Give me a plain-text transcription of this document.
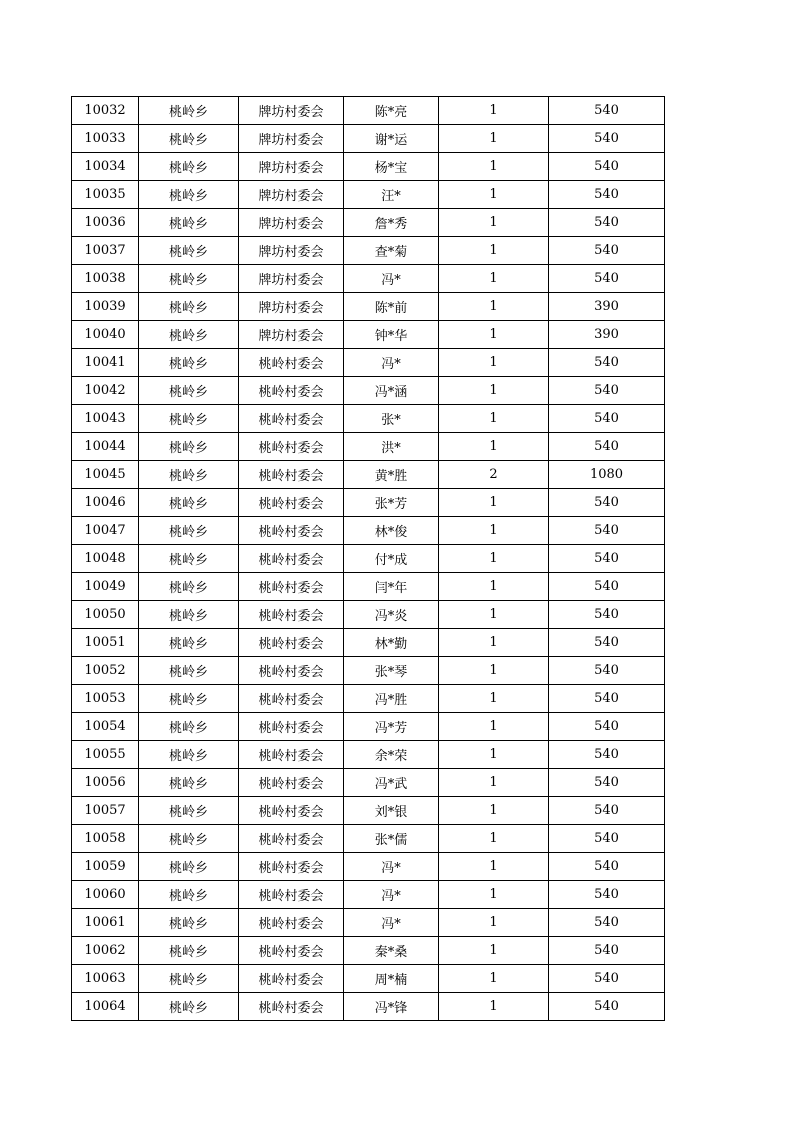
10032	桃岭乡	牌坊村委会	陈*亮	1	540
10033	桃岭乡	牌坊村委会	谢*运	1	540
10034	桃岭乡	牌坊村委会	杨*宝	1	540
10035	桃岭乡	牌坊村委会	汪*	1	540
10036	桃岭乡	牌坊村委会	詹*秀	1	540
10037	桃岭乡	牌坊村委会	查*菊	1	540
10038	桃岭乡	牌坊村委会	冯*	1	540
10039	桃岭乡	牌坊村委会	陈*前	1	390
10040	桃岭乡	牌坊村委会	钟*华	1	390
10041	桃岭乡	桃岭村委会	冯*	1	540
10042	桃岭乡	桃岭村委会	冯*涵	1	540
10043	桃岭乡	桃岭村委会	张*	1	540
10044	桃岭乡	桃岭村委会	洪*	1	540
10045	桃岭乡	桃岭村委会	黄*胜	2	1080
10046	桃岭乡	桃岭村委会	张*芳	1	540
10047	桃岭乡	桃岭村委会	林*俊	1	540
10048	桃岭乡	桃岭村委会	付*成	1	540
10049	桃岭乡	桃岭村委会	闫*年	1	540
10050	桃岭乡	桃岭村委会	冯*炎	1	540
10051	桃岭乡	桃岭村委会	林*勤	1	540
10052	桃岭乡	桃岭村委会	张*琴	1	540
10053	桃岭乡	桃岭村委会	冯*胜	1	540
10054	桃岭乡	桃岭村委会	冯*芳	1	540
10055	桃岭乡	桃岭村委会	余*荣	1	540
10056	桃岭乡	桃岭村委会	冯*武	1	540
10057	桃岭乡	桃岭村委会	刘*银	1	540
10058	桃岭乡	桃岭村委会	张*儒	1	540
10059	桃岭乡	桃岭村委会	冯*	1	540
10060	桃岭乡	桃岭村委会	冯*	1	540
10061	桃岭乡	桃岭村委会	冯*	1	540
10062	桃岭乡	桃岭村委会	秦*桑	1	540
10063	桃岭乡	桃岭村委会	周*楠	1	540
10064	桃岭乡	桃岭村委会	冯*锋	1	540
